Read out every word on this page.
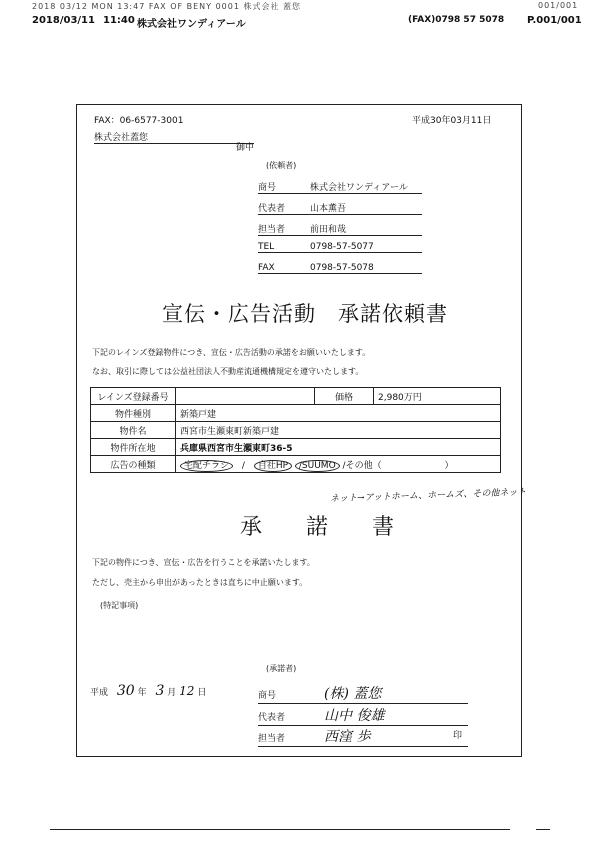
2018 03/12 MON 13:47 FAX OF BENY 0001 株式会社 蓋您	001/001
2018/03/11 11:40 株式会社ワンディアール	(FAX)0798 57 5078 P.001/001
FAX：06-6577-3001	平成30年03月11日
株式会社蓋您
御中
(依頼者)
商号	株式会社ワンディアール
代表者	山本薫吾
担当者	前田和哉
TEL	0798-57-5077
FAX	0798-57-5078
宣伝・広告活動　承諾依頼書
下記のレインズ登録物件につき、宣伝・広告活動の承諾をお願いいたします。
なお、取引に際しては公益社団法人不動産流通機構規定を遵守いたします。
レインズ登録番号		価格	2,980万円
物件種別	新築戸建		
物件名	西宮市生瀬東町新築戸建		
物件所在地	兵庫県西宮市生瀬東町36-5		
広告の種類	宅配チラシ / 自社HP /SUUMO /その他（ ）		
ネット→アットホーム、ホームズ、その他ネット
承　　諾　　書
下記の物件につき、宣伝・広告を行うことを承諾いたします。
ただし、売主から申出があったときは直ちに中止願います。
(特記事項)
(承諾者)
平成 30 年 3 月 12 日	商号	(株) 蓋您
代表者	山中 俊雄
担当者	西窪 歩	印
